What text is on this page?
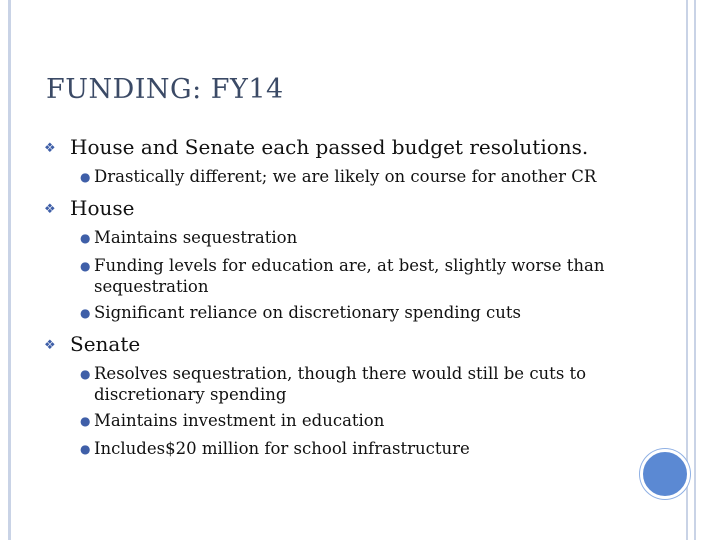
FUNDING: FY14
❖
House and Senate each passed budget resolutions.
●
Drastically different; we are likely on course for another CR
❖
House
●
Maintains sequestration
●
Funding levels for education are, at best, slightly worse than sequestration
●
Significant reliance on discretionary spending cuts
❖
Senate
●
Resolves sequestration, though there would still be cuts to discretionary spending
●
Maintains investment in education
●
Includes$20 million for school infrastructure
